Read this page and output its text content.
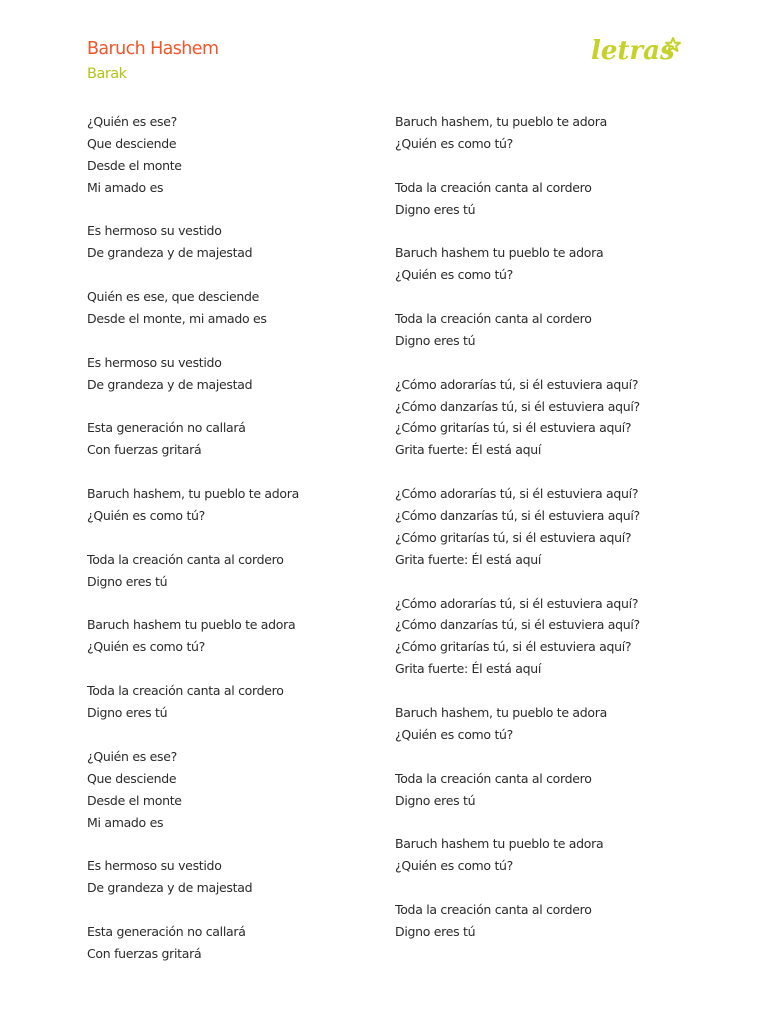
Baruch Hashem
Barak
letras
¿Quién es ese?
Que desciende
Desde el monte
Mi amado es
Es hermoso su vestido
De grandeza y de majestad
Quién es ese, que desciende
Desde el monte, mi amado es
Es hermoso su vestido
De grandeza y de majestad
Esta generación no callará
Con fuerzas gritará
Baruch hashem, tu pueblo te adora
¿Quién es como tú?
Toda la creación canta al cordero
Digno eres tú
Baruch hashem tu pueblo te adora
¿Quién es como tú?
Toda la creación canta al cordero
Digno eres tú
¿Quién es ese?
Que desciende
Desde el monte
Mi amado es
Es hermoso su vestido
De grandeza y de majestad
Esta generación no callará
Con fuerzas gritará
Baruch hashem, tu pueblo te adora
¿Quién es como tú?
Toda la creación canta al cordero
Digno eres tú
Baruch hashem tu pueblo te adora
¿Quién es como tú?
Toda la creación canta al cordero
Digno eres tú
¿Cómo adorarías tú, si él estuviera aquí?
¿Cómo danzarías tú, si él estuviera aquí?
¿Cómo gritarías tú, si él estuviera aquí?
Grita fuerte: Él está aquí
¿Cómo adorarías tú, si él estuviera aquí?
¿Cómo danzarías tú, si él estuviera aquí?
¿Cómo gritarías tú, si él estuviera aquí?
Grita fuerte: Él está aquí
¿Cómo adorarías tú, si él estuviera aquí?
¿Cómo danzarías tú, si él estuviera aquí?
¿Cómo gritarías tú, si él estuviera aquí?
Grita fuerte: Él está aquí
Baruch hashem, tu pueblo te adora
¿Quién es como tú?
Toda la creación canta al cordero
Digno eres tú
Baruch hashem tu pueblo te adora
¿Quién es como tú?
Toda la creación canta al cordero
Digno eres tú
